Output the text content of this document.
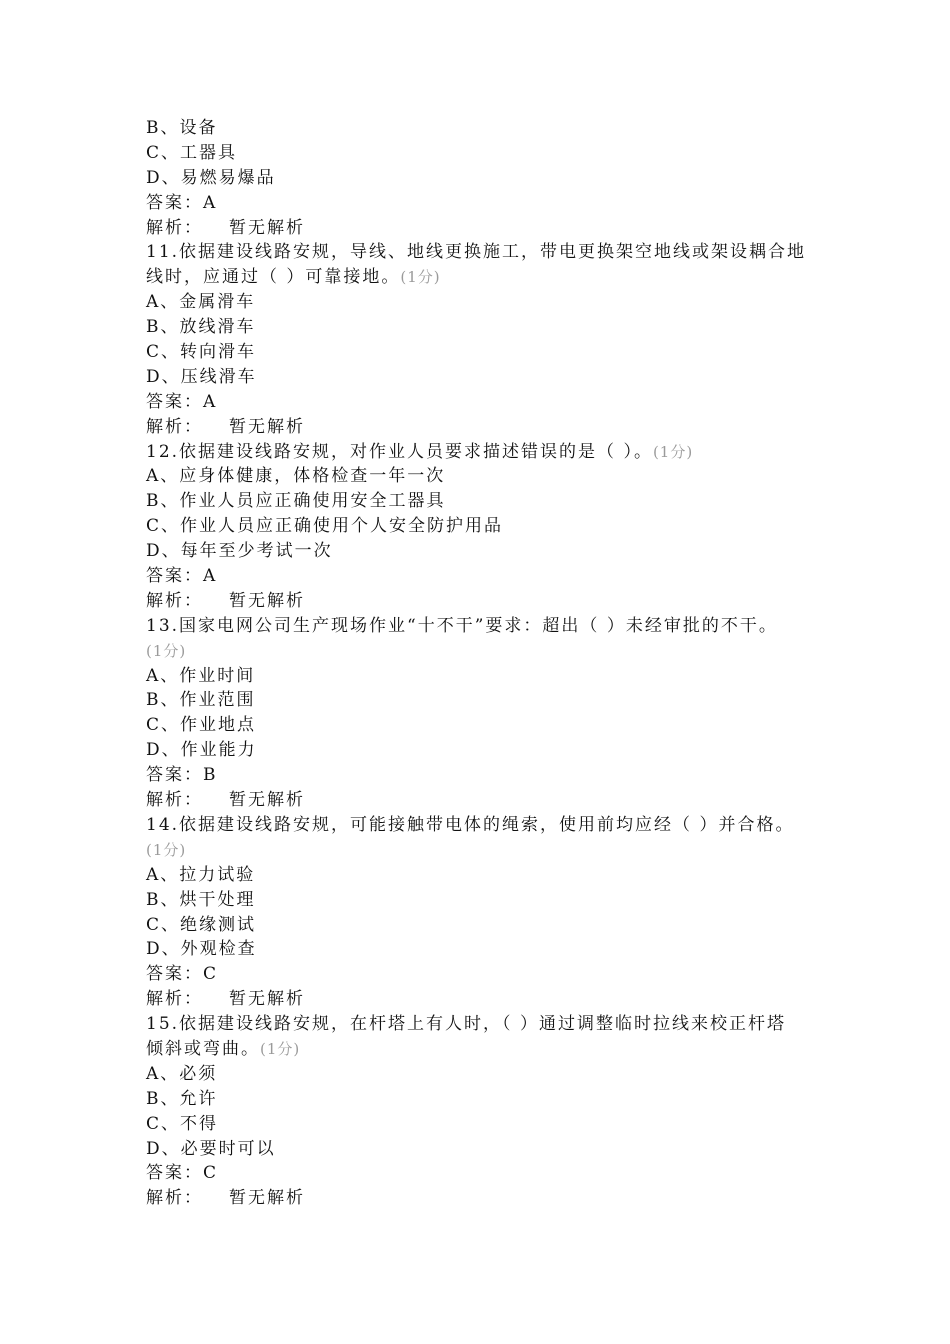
B、设备
C、工器具
D、易燃易爆品
答案：A
解析： 暂无解析
11.依据建设线路安规，导线、地线更换施工，带电更换架空地线或架设耦合地
线时，应通过（ ）可靠接地。(1分)
A、金属滑车
B、放线滑车
C、转向滑车
D、压线滑车
答案：A
解析： 暂无解析
12.依据建设线路安规，对作业人员要求描述错误的是（ ）。(1分)
A、应身体健康，体格检查一年一次
B、作业人员应正确使用安全工器具
C、作业人员应正确使用个人安全防护用品
D、每年至少考试一次
答案：A
解析： 暂无解析
13.国家电网公司生产现场作业“十不干”要求：超出（ ）未经审批的不干。
(1分)
A、作业时间
B、作业范围
C、作业地点
D、作业能力
答案：B
解析： 暂无解析
14.依据建设线路安规，可能接触带电体的绳索，使用前均应经（ ）并合格。
(1分)
A、拉力试验
B、烘干处理
C、绝缘测试
D、外观检查
答案：C
解析： 暂无解析
15.依据建设线路安规，在杆塔上有人时，（ ）通过调整临时拉线来校正杆塔
倾斜或弯曲。(1分)
A、必须
B、允许
C、不得
D、必要时可以
答案：C
解析： 暂无解析
